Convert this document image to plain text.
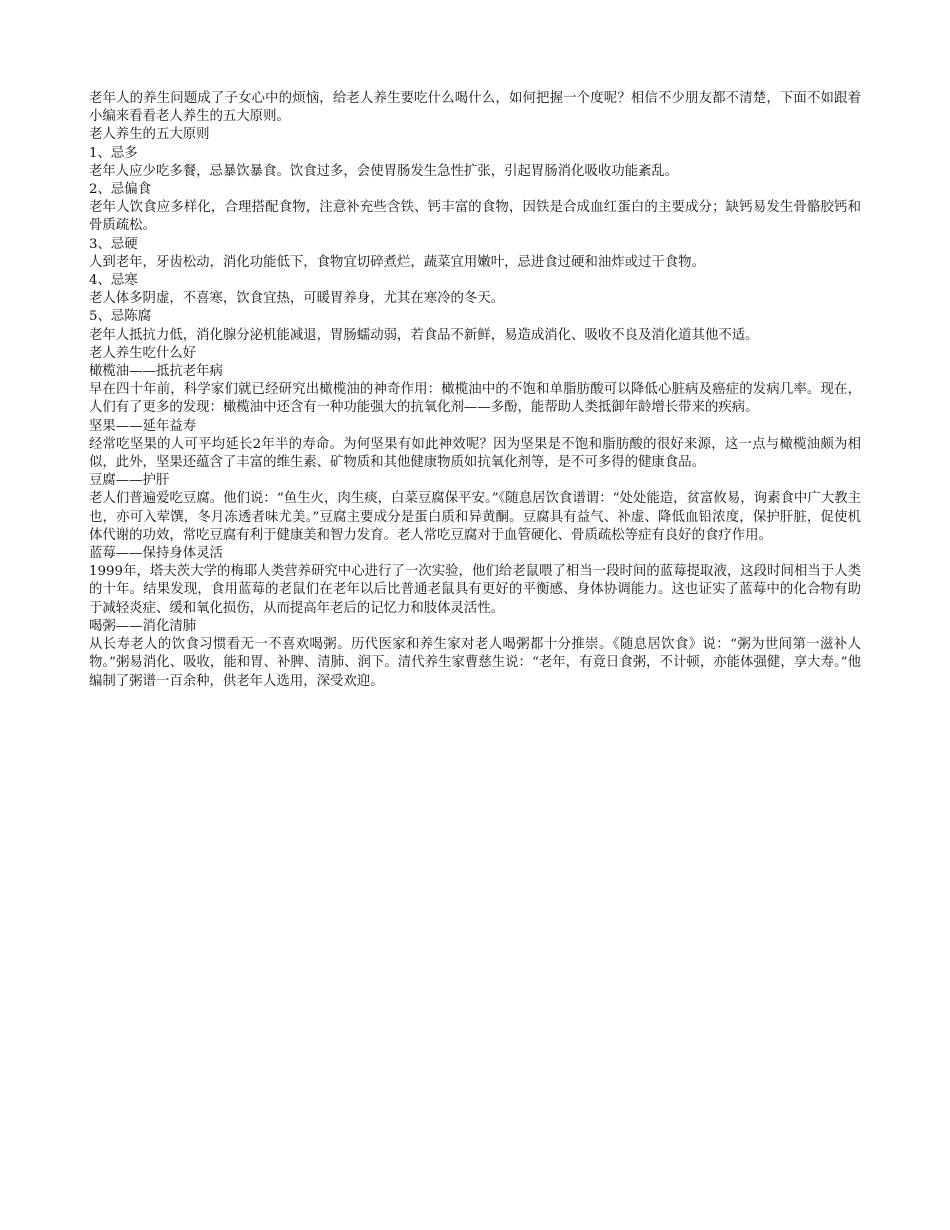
老年人的养生问题成了子女心中的烦恼，给老人养生要吃什么喝什么，如何把握一个度呢？相信不少朋友都不清楚，下面不如跟着小编来看看老人养生的五大原则。

老人养生的五大原则
1、忌多

老年人应少吃多餐，忌暴饮暴食。饮食过多，会使胃肠发生急性扩张，引起胃肠消化吸收功能紊乱。

2、忌偏食

老年人饮食应多样化，合理搭配食物，注意补充些含铁、钙丰富的食物，因铁是合成血红蛋白的主要成分；缺钙易发生骨骼胶钙和骨质疏松。

3、忌硬

人到老年，牙齿松动，消化功能低下，食物宜切碎煮烂，蔬菜宜用嫩叶，忌进食过硬和油炸或过干食物。

4、忌寒

老人体多阴虚，不喜寒，饮食宜热，可暖胃养身，尤其在寒冷的冬天。

5、忌陈腐

老年人抵抗力低，消化腺分泌机能减退，胃肠蠕动弱，若食品不新鲜，易造成消化、吸收不良及消化道其他不适。

老人养生吃什么好
橄榄油——抵抗老年病

早在四十年前，科学家们就已经研究出橄榄油的神奇作用：橄榄油中的不饱和单脂肪酸可以降低心脏病及癌症的发病几率。现在，人们有了更多的发现：橄榄油中还含有一种功能强大的抗氧化剂——多酚，能帮助人类抵御年龄增长带来的疾病。

坚果——延年益寿

经常吃坚果的人可平均延长2年半的寿命。为何坚果有如此神效呢？因为坚果是不饱和脂肪酸的很好来源，这一点与橄榄油颇为相似，此外，坚果还蕴含了丰富的维生素、矿物质和其他健康物质如抗氧化剂等，是不可多得的健康食品。

豆腐——护肝

老人们普遍爱吃豆腐。他们说：“鱼生火，肉生痰，白菜豆腐保平安。”《随息居饮食谱谓：“处处能造，贫富攸易，询素食中广大教主也，亦可入荤馔，冬月冻透者味尤美。”豆腐主要成分是蛋白质和异黄酮。豆腐具有益气、补虚、降低血铅浓度，保护肝脏，促使机体代谢的功效，常吃豆腐有利于健康美和智力发育。老人常吃豆腐对于血管硬化、骨质疏松等症有良好的食疗作用。

蓝莓——保持身体灵活

1999年，塔夫茨大学的梅耶人类营养研究中心进行了一次实验，他们给老鼠喂了相当一段时间的蓝莓提取液，这段时间相当于人类的十年。结果发现，食用蓝莓的老鼠们在老年以后比普通老鼠具有更好的平衡感、身体协调能力。这也证实了蓝莓中的化合物有助于减轻炎症、缓和氧化损伤，从而提高年老后的记忆力和肢体灵活性。

喝粥——消化清肺

从长寿老人的饮食习惯看无一不喜欢喝粥。历代医家和养生家对老人喝粥都十分推崇。《随息居饮食》说：“粥为世间第一滋补人物。”粥易消化、吸收，能和胃、补脾、清肺、润下。清代养生家曹慈生说：“老年，有竟日食粥，不计顿，亦能体强健，享大寿。”他编制了粥谱一百余种，供老年人选用，深受欢迎。
